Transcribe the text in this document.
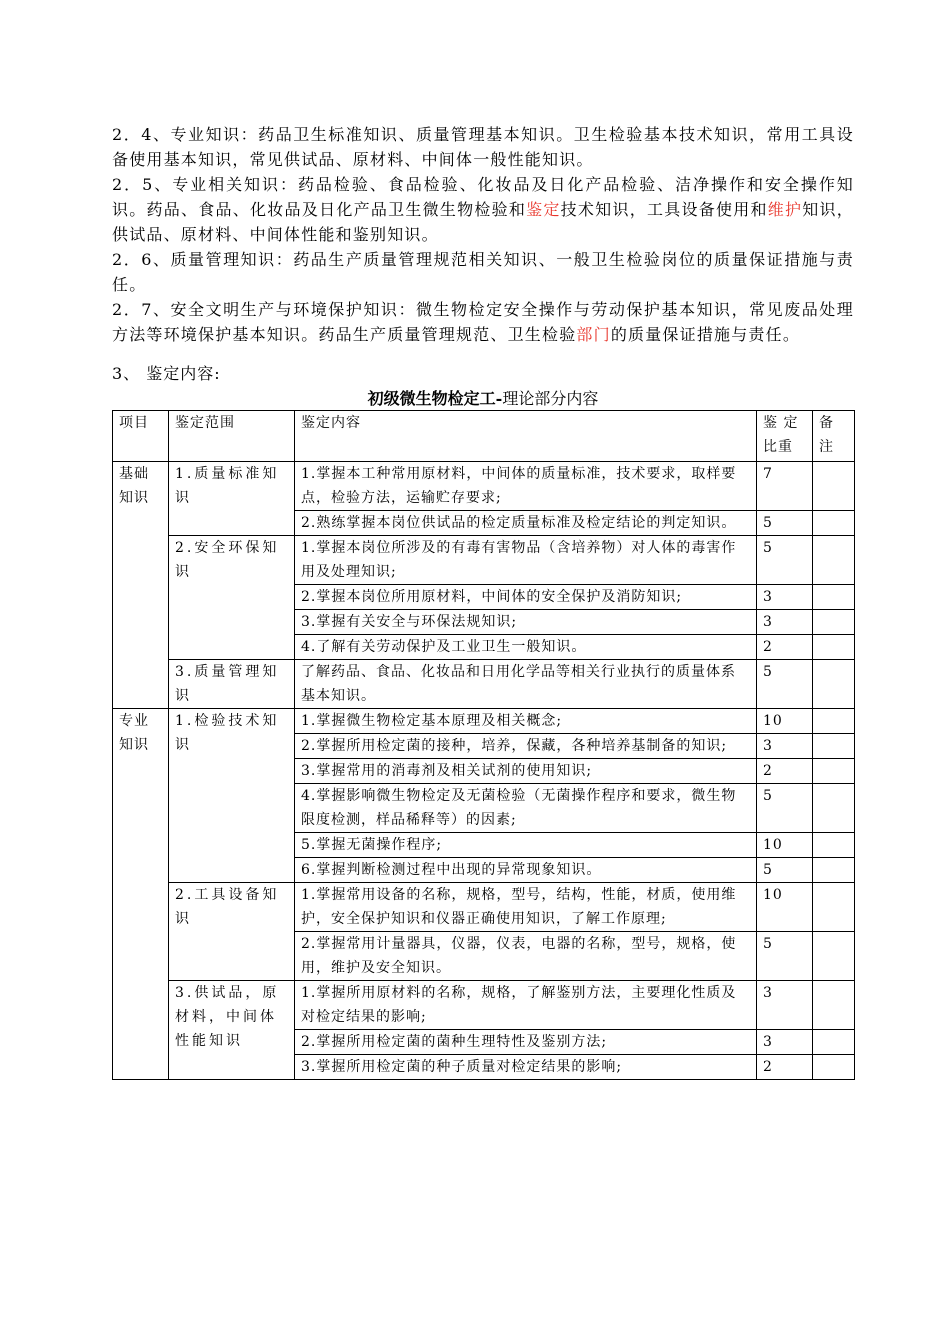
2．4、专业知识：药品卫生标准知识、质量管理基本知识。卫生检验基本技术知识，常用工具设备使用基本知识，常见供试品、原材料、中间体一般性能知识。

2．5、专业相关知识：药品检验、食品检验、化妆品及日化产品检验、洁净操作和安全操作知识。药品、食品、化妆品及日化产品卫生微生物检验和鉴定技术知识，工具设备使用和维护知识，供试品、原材料、中间体性能和鉴别知识。

2．6、质量管理知识：药品生产质量管理规范相关知识、一般卫生检验岗位的质量保证措施与责任。

2．7、安全文明生产与环境保护知识：微生物检定安全操作与劳动保护基本知识，常见废品处理方法等环境保护基本知识。药品生产质量管理规范、卫生检验部门的质量保证措施与责任。

3、 鉴定内容:

初级微生物检定工-理论部分内容

项目	鉴定范围	鉴定内容	鉴 定 比重	备 注
基础知识	1.质量标准知识	1.掌握本工种常用原材料，中间体的质量标准，技术要求，取样要点，检验方法，运输贮存要求;	7	
		2.熟练掌握本岗位供试品的检定质量标准及检定结论的判定知识。	5	
	2.安全环保知识	1.掌握本岗位所涉及的有毒有害物品（含培养物）对人体的毒害作用及处理知识;	5	
		2.掌握本岗位所用原材料，中间体的安全保护及消防知识;	3	
		3.掌握有关安全与环保法规知识;	3	
		4.了解有关劳动保护及工业卫生一般知识。	2	
	3.质量管理知识	了解药品、食品、化妆品和日用化学品等相关行业执行的质量体系基本知识。	5	
专业知识	1.检验技术知识	1.掌握微生物检定基本原理及相关概念;	10	
		2.掌握所用检定菌的接种，培养，保藏，各种培养基制备的知识;	3	
		3.掌握常用的消毒剂及相关试剂的使用知识;	2	
		4.掌握影响微生物检定及无菌检验（无菌操作程序和要求，微生物限度检测，样品稀释等）的因素;	5	
		5.掌握无菌操作程序;	10	
		6.掌握判断检测过程中出现的异常现象知识。	5	
	2.工具设备知识	1.掌握常用设备的名称，规格，型号，结构，性能，材质，使用维护，安全保护知识和仪器正确使用知识，了解工作原理;	10	
		2.掌握常用计量器具，仪器，仪表，电器的名称，型号，规格，使用，维护及安全知识。	5	
	3.供试品，原材料，中间体性能知识	1.掌握所用原材料的名称，规格，了解鉴别方法，主要理化性质及对检定结果的影响;	3	
		2.掌握所用检定菌的菌种生理特性及鉴别方法;	3	
		3.掌握所用检定菌的种子质量对检定结果的影响;	2	
